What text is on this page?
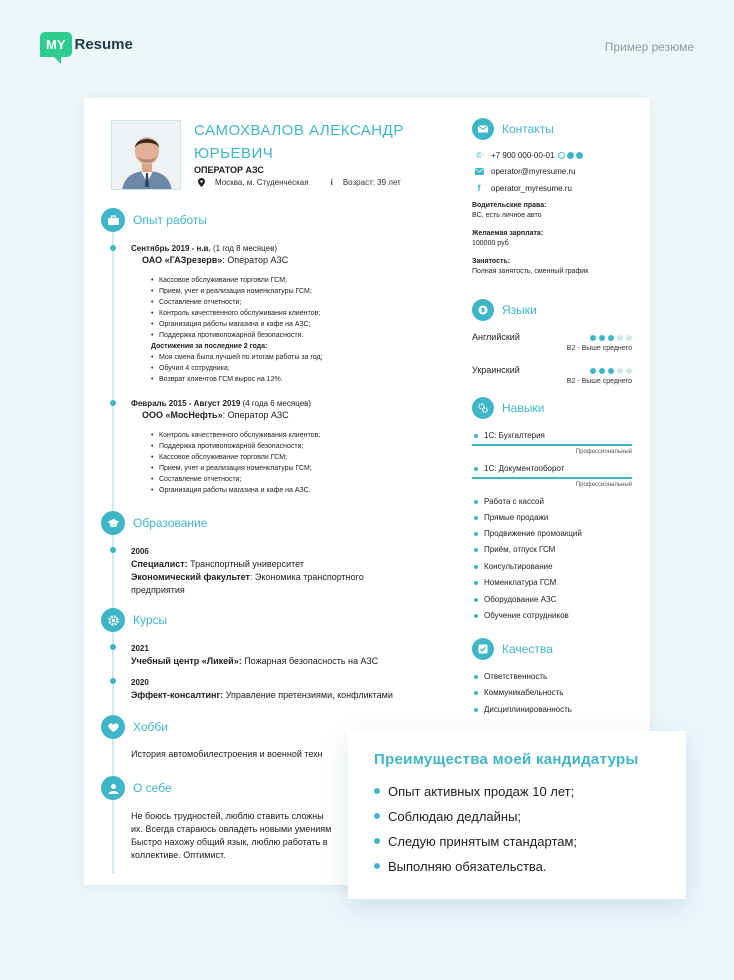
MY Resume	Пример резюме
САМОХВАЛОВ АЛЕКСАНДР
ЮРЬЕВИЧ
ОПЕРАТОР АЗС
Москва, м. Студенческая	i Возраст: 39 лет
Опыт работы
Сентябрь 2019 - н.в. (1 год 8 месяцев)
ОАО «ГАЗрезерв»: Оператор АЗС
• Кассовое обслуживание торговли ГСМ;
• Прием, учет и реализация номенклатуры ГСМ;
• Составление отчетности;
• Контроль качественного обслуживания клиентов;
• Организация работы магазина и кафе на АЗС;
• Поддержка противопожарной безопасности.
Достижения за последние 2 года:
• Моя смена была лучшей по итогам работы за год;
• Обучил 4 сотрудника;
• Возврат клиентов ГСМ вырос на 12%.
Февраль 2015 - Август 2019 (4 года 6 месяцев)
ООО «МосНефть»: Оператор АЗС
• Контроль качественного обслуживания клиентов;
• Поддержка противопожарной безопасности;
• Кассовое обслуживание торговли ГСМ;
• Прием, учет и реализация номенклатуры ГСМ;
• Составление отчетности;
• Организация работы магазина и кафе на АЗС.
Образование
2006
Специалист: Транспортный университет
Экономический факультет: Экономика транспортного
предприятия
Курсы
2021
Учебный центр «Ликей»: Пожарная безопасность на АЗС
2020
Эффект-консалтинг: Управление претензиями, конфликтами
Хобби
История автомобилестроения и военной техн
О себе
Не боюсь трудностей, люблю ставить сложны
их. Всегда стараюсь овладеть новыми умениям
Быстро нахожу общий язык, люблю работать в
коллективе. Оптимист.
Контакты
✆ +7 900 000-00-01
operator@myresume.ru
f	operator_myresume.ru
Водительские права:
BC, есть личное авто
Желаемая зарплата:
100000 руб
Занятость:
Полная занятость, сменный график
Языки
Английский
B2 - Выше среднего
Украинский
B2 - Выше среднего
Навыки
1С: Бухгалтерия
Профессиональный
1С: Документооборот
Профессиональный
Работа с кассой
Прямые продажи
Продвижение промоакций
Приём, отпуск ГСМ
Консультирование
Номенклатура ГСМ
Оборудование АЗС
Обучение сотрудников
Качества
Ответственность
Коммуникабельность
Дисциплинированность
Преимущества моей кандидатуры
Опыт активных продаж 10 лет;
Соблюдаю дедлайны;
Следую принятым стандартам;
Выполняю обязательства.
